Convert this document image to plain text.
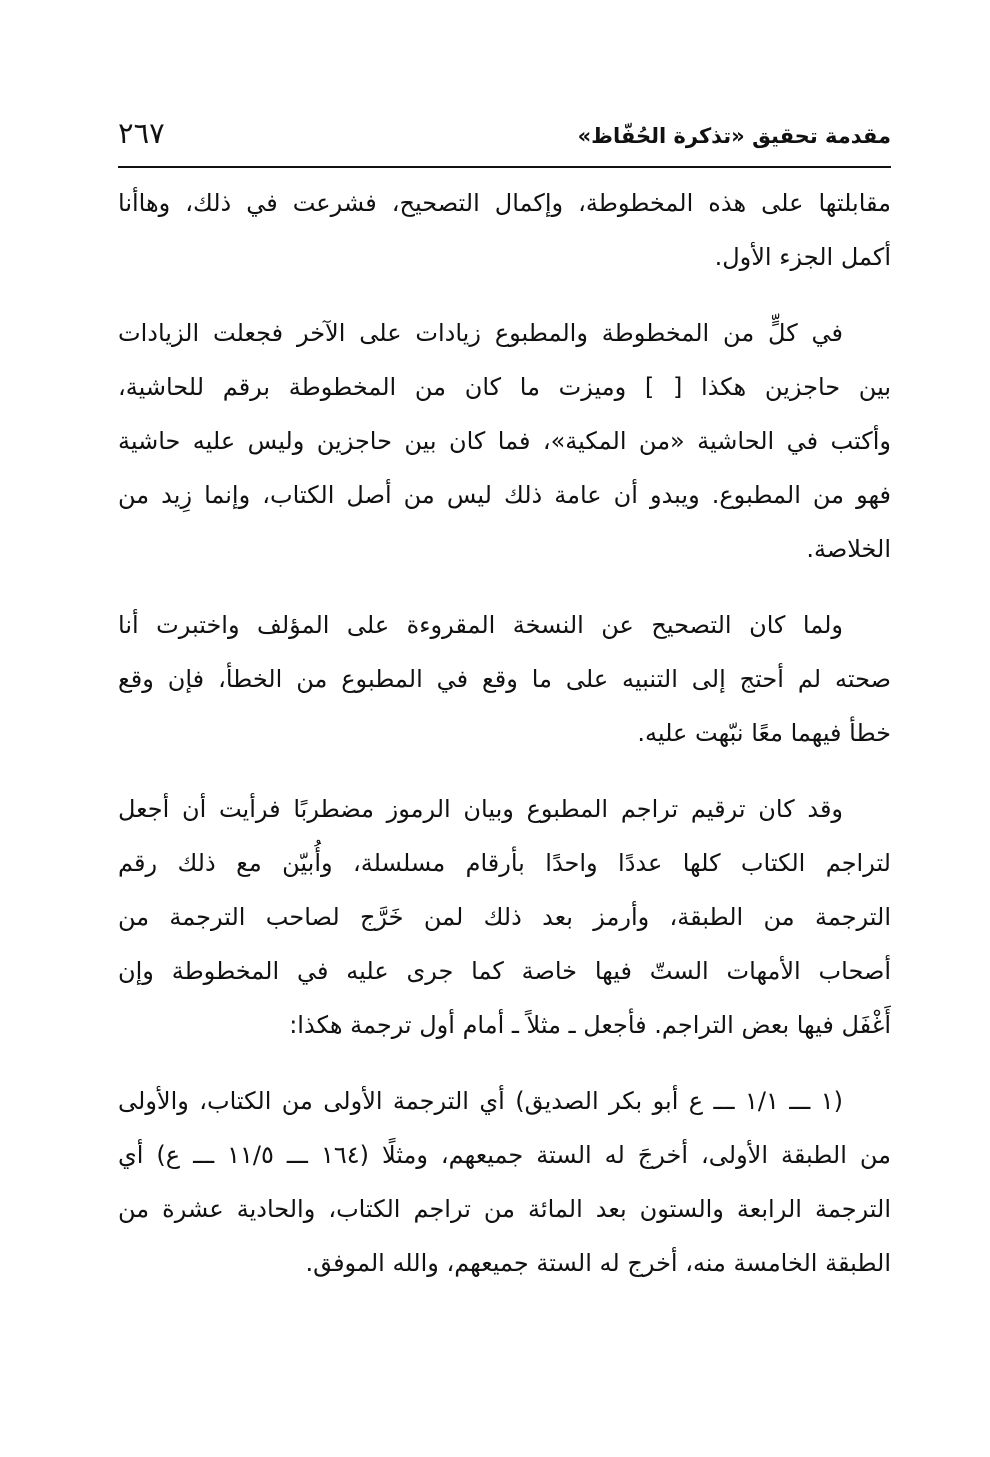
مقدمة تحقيق «تذكرة الحُفّاظ»
٢٦٧
مقابلتها على هذه المخطوطة، وإكمال التصحيح، فشرعت في ذلك، وهاأنا
أكمل الجزء الأول.
في كلٍّ من المخطوطة والمطبوع زيادات على الآخر فجعلت الزيادات
بين حاجزين هكذا [ ] وميزت ما كان من المخطوطة برقم للحاشية،
وأكتب في الحاشية «من المكية»، فما كان بين حاجزين وليس عليه حاشية
فهو من المطبوع. ويبدو أن عامة ذلك ليس من أصل الكتاب، وإنما زِيد من
الخلاصة.
ولما كان التصحيح عن النسخة المقروءة على المؤلف واختبرت أنا
صحته لم أحتج إلى التنبيه على ما وقع في المطبوع من الخطأ، فإن وقع
خطأ فيهما معًا نبّهت عليه.
وقد كان ترقيم تراجم المطبوع وبيان الرموز مضطربًا فرأيت أن أجعل
لتراجم الكتاب كلها عددًا واحدًا بأرقام مسلسلة، وأُبيّن مع ذلك رقم
الترجمة من الطبقة، وأرمز بعد ذلك لمن خَرَّج لصاحب الترجمة من
أصحاب الأمهات الستّ فيها خاصة كما جرى عليه في المخطوطة وإن
أَغْفَل فيها بعض التراجم. فأجعل ـ مثلاً ـ أمام أول ترجمة هكذا:
(١ ـــ ١/١ ـــ ع أبو بكر الصديق) أي الترجمة الأولى من الكتاب، والأولى
من الطبقة الأولى، أخرجَ له الستة جميعهم، ومثلًا (١٦٤ ـــ ١١/٥ ـــ ع) أي
الترجمة الرابعة والستون بعد المائة من تراجم الكتاب، والحادية عشرة من
الطبقة الخامسة منه، أخرج له الستة جميعهم، والله الموفق.
